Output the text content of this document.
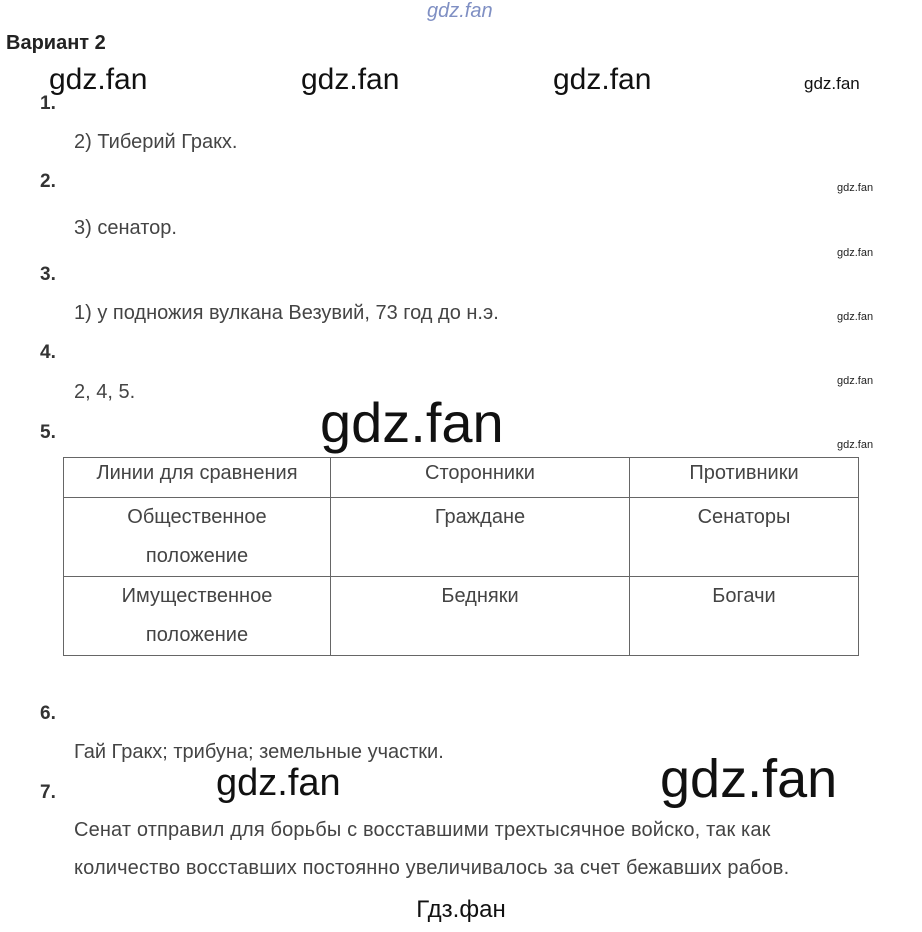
gdz.fan
Вариант 2
gdz.fan	gdz.fan	gdz.fan	gdz.fan
1.
2) Тиберий Гракх.
2.	gdz.fan
3) сенатор.
gdz.fan
3.
1) у подножия вулкана Везувий, 73 год до н.э.	gdz.fan
4.
gdz.fan
2, 4, 5.	gdz.fan
5.
gdz.fan
Линии для сравнения	Сторонники	Противники
Общественное
положение	Граждане	Сенаторы
Имущественное
положение	Бедняки	Богачи
6.
Гай Гракх; трибуна; земельные участки.
gdz.fan	gdz.fan
7.
Сенат отправил для борьбы с восставшими трехтысячное войско, так как
количество восставших постоянно увеличивалось за счет бежавших рабов.
Гдз.фан
